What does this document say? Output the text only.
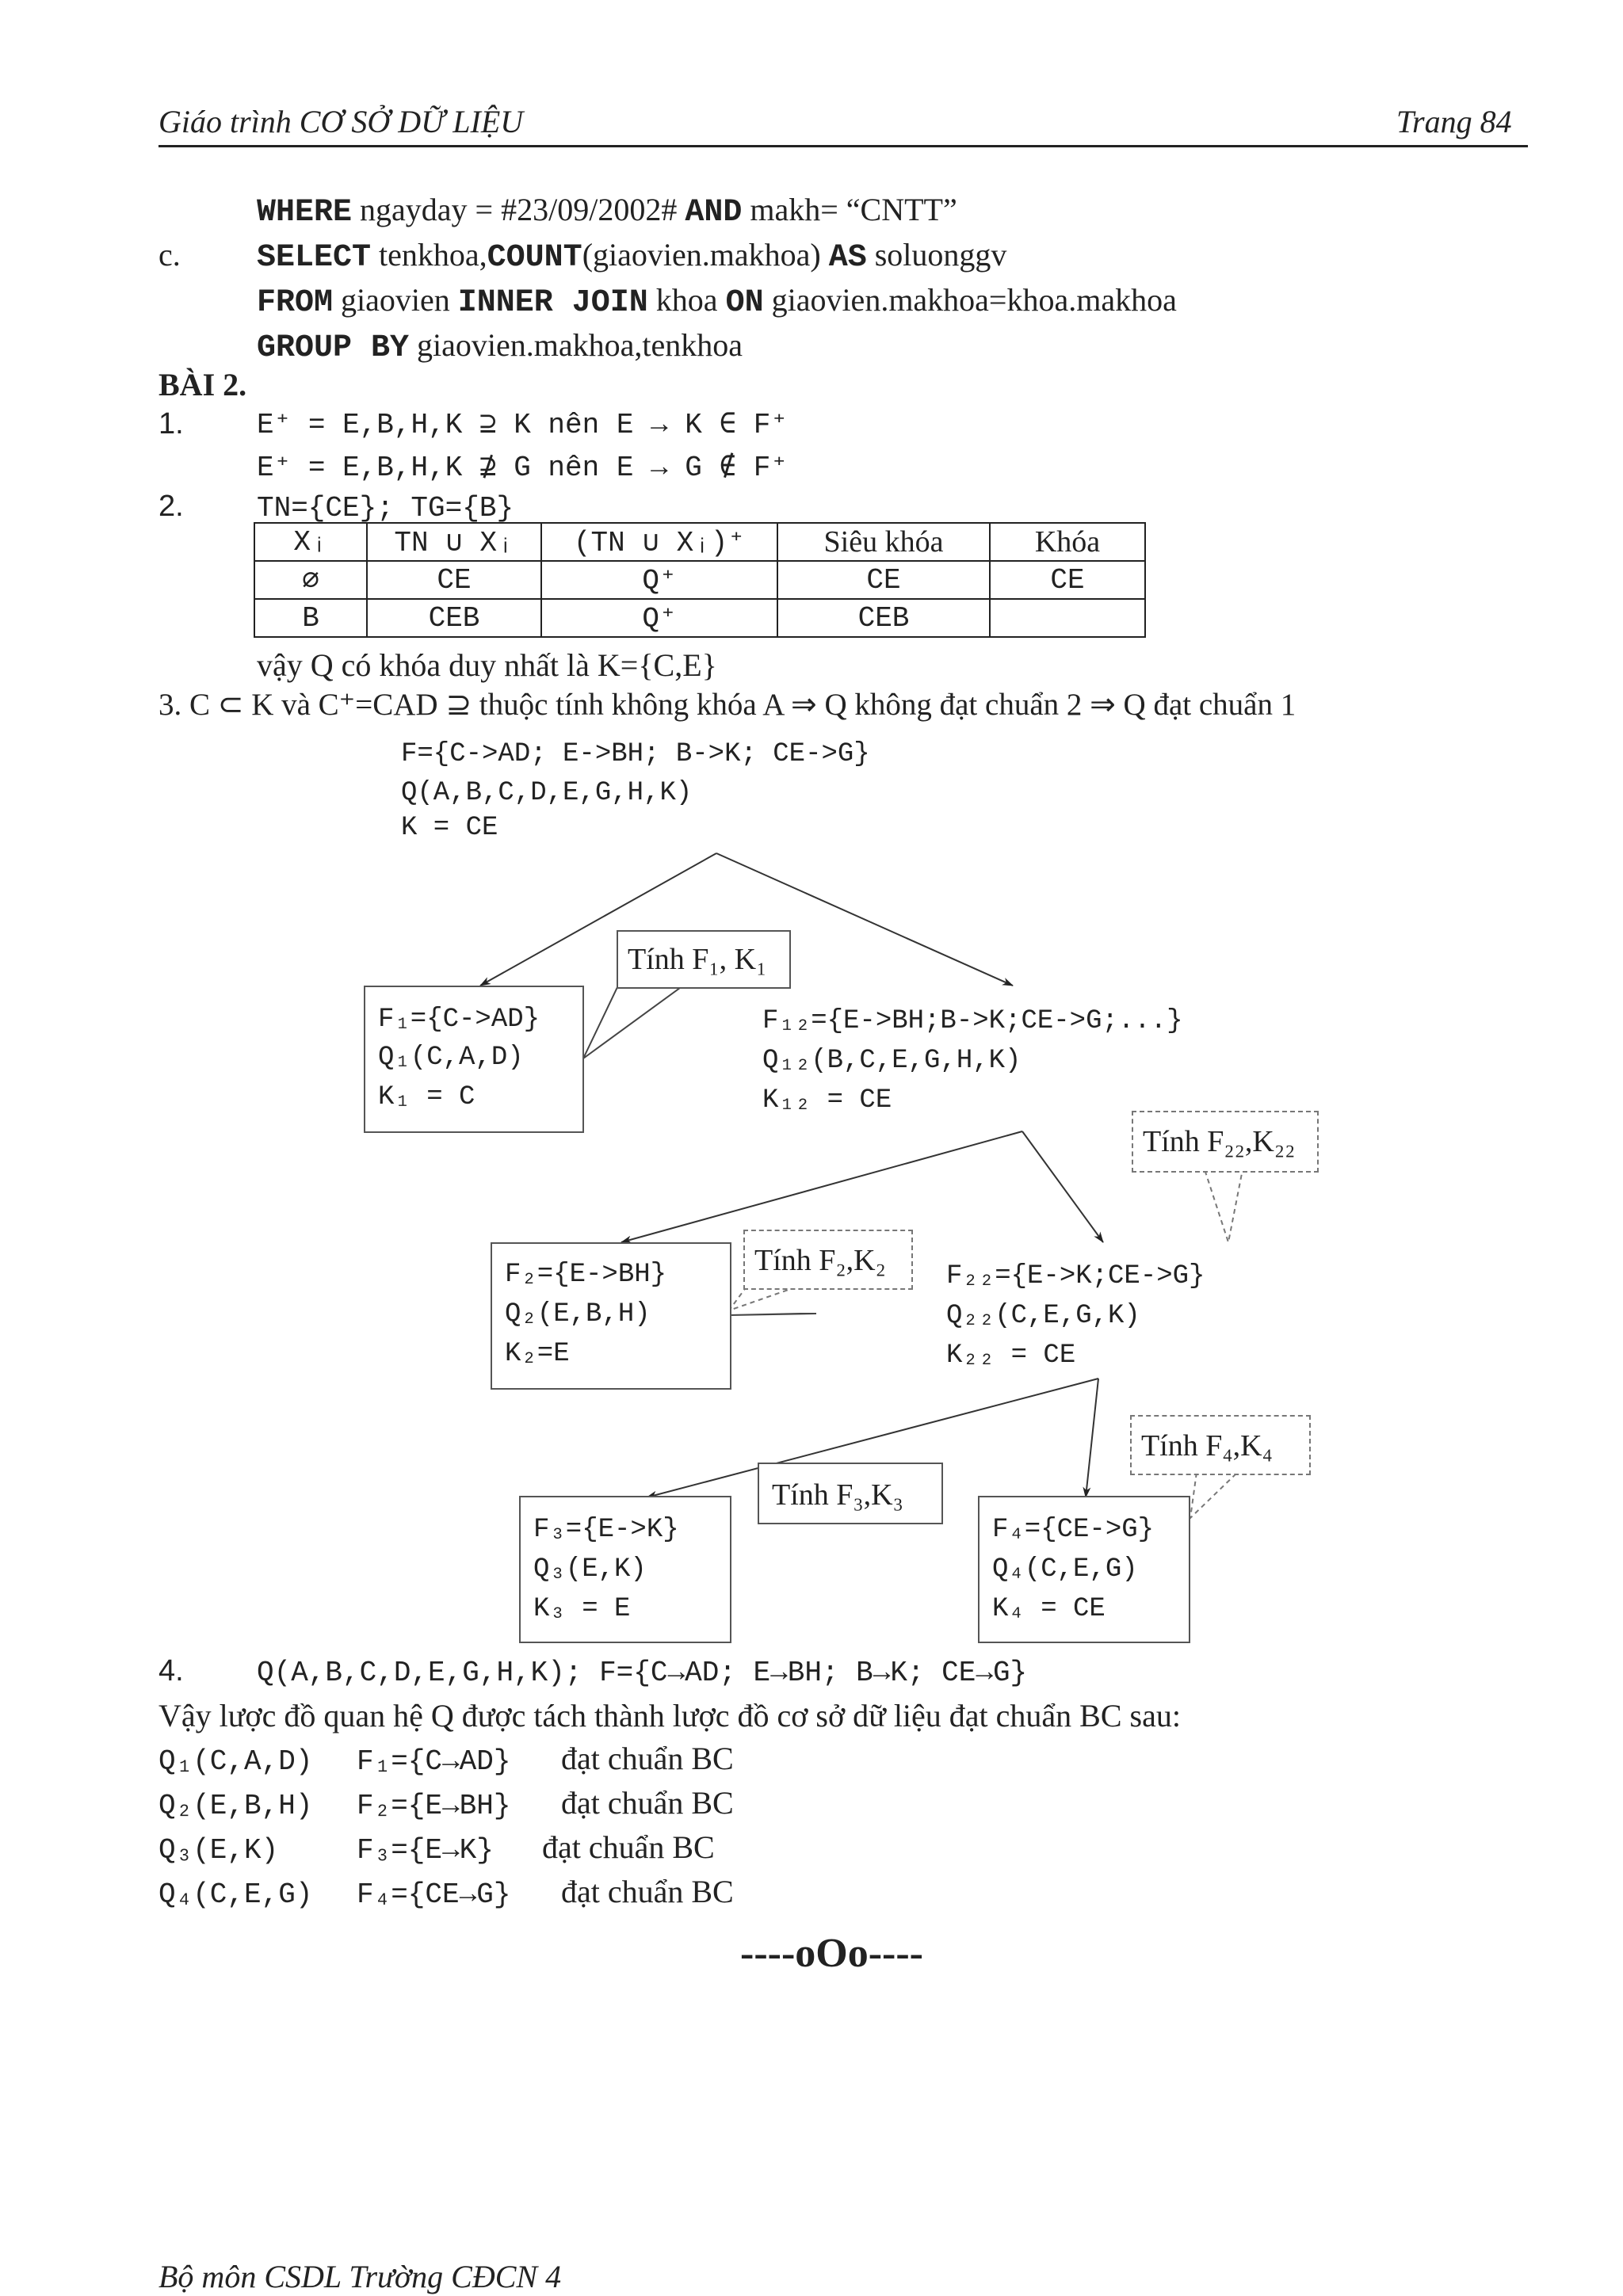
Giáo trình CƠ SỞ DỮ LIỆU	Trang 84
WHERE ngayday = #23/09/2002# AND makh= “CNTT”
c. SELECT tenkhoa,COUNT(giaovien.makhoa) AS soluonggv
FROM giaovien INNER JOIN khoa ON giaovien.makhoa=khoa.makhoa
GROUP BY giaovien.makhoa,tenkhoa
BÀI 2.
1.	E⁺ = E,B,H,K ⊇ K nên E → K ∈ F⁺
E⁺ = E,B,H,K ⊉ G nên E → G ∉ F⁺
2.	TN={CE}; TG={B}
Xᵢ	TN ∪ Xᵢ	(TN ∪ Xᵢ)⁺	Siêu khóa	Khóa
∅	CE	Q⁺	CE	CE
B	CEB	Q⁺	CEB	
vậy Q có khóa duy nhất là K={C,E}
3. C ⊂ K và C⁺=CAD ⊇ thuộc tính không khóa A ⇒ Q không đạt chuẩn 2 ⇒ Q đạt chuẩn 1
F={C->AD; E->BH; B->K; CE->G}
Q(A,B,C,D,E,G,H,K)
K = CE
Tính F₁, K₁
F₁={C->AD}
Q₁(C,A,D)
K₁ = C
F₁₂={E->BH;B->K;CE->G;...}
Q₁₂(B,C,E,G,H,K)
K₁₂ = CE
Tính F₂₂,K₂₂
F₂={E->BH}
Q₂(E,B,H)
K₂=E
Tính F₂,K₂ F₂₂={E->K;CE->G}
Q₂₂(C,E,G,K)
K₂₂ = CE
Tính F₄,K₄
Tính F₃,K₃
F₃={E->K}
Q₃(E,K)
K₃ = E
F₄={CE->G}
Q₄(C,E,G)
K₄ = CE
4.	Q(A,B,C,D,E,G,H,K); F={C→AD; E→BH; B→K; CE→G}
Vậy lược đồ quan hệ Q được tách thành lược đồ cơ sở dữ liệu đạt chuẩn BC sau:
Q₁(C,A,D) F₁={C→AD} đạt chuẩn BC
Q₂(E,B,H) F₂={E→BH} đạt chuẩn BC
Q₃(E,K)	F₃={E→K} đạt chuẩn BC
Q₄(C,E,G) F₄={CE→G} đạt chuẩn BC
----oOo----
Bộ môn CSDL Trường CĐCN 4
